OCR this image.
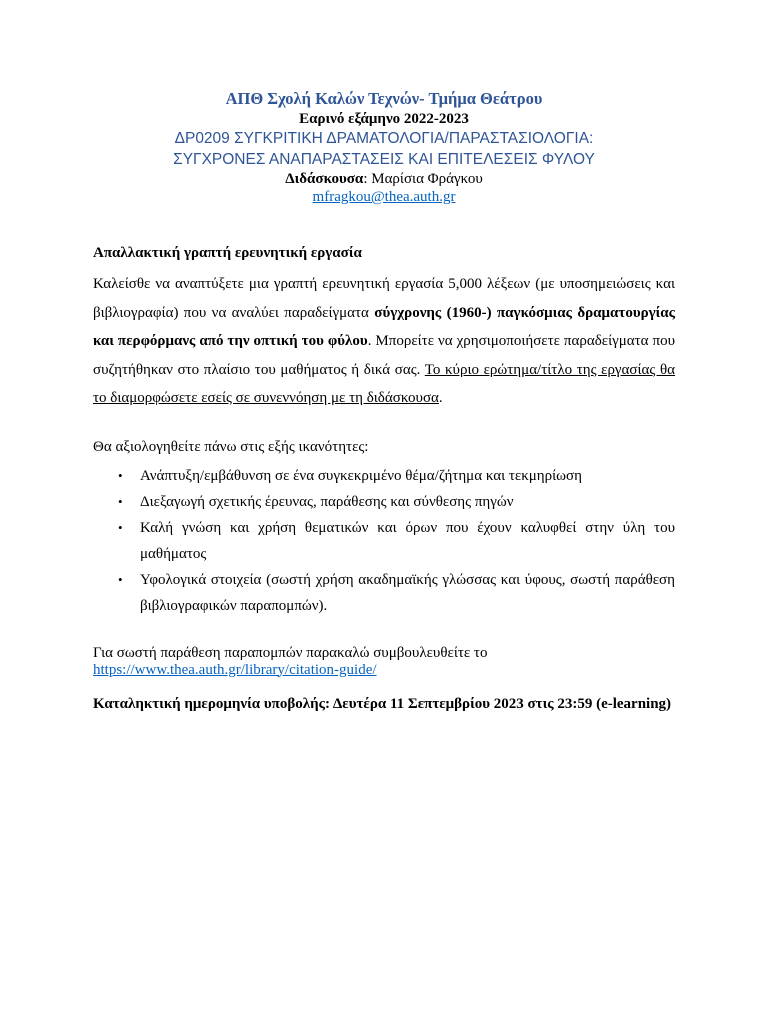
ΑΠΘ Σχολή Καλών Τεχνών- Τμήμα Θεάτρου
Εαρινό εξάμηνο 2022-2023
ΔΡ0209 ΣΥΓΚΡΙΤΙΚΗ ΔΡΑΜΑΤΟΛΟΓΙΑ/ΠΑΡΑΣΤΑΣΙΟΛΟΓΙΑ:
ΣΥΓΧΡΟΝΕΣ ΑΝΑΠΑΡΑΣΤΑΣΕΙΣ ΚΑΙ ΕΠΙΤΕΛΕΣΕΙΣ ΦΥΛΟΥ
Διδάσκουσα: Μαρίσια Φράγκου
mfragkou@thea.auth.gr
Απαλλακτική γραπτή ερευνητική εργασία
Καλείσθε να αναπτύξετε μια γραπτή ερευνητική εργασία 5,000 λέξεων (με υποσημειώσεις και βιβλιογραφία) που να αναλύει παραδείγματα σύγχρονης (1960-) παγκόσμιας δραματουργίας και περφόρμανς από την οπτική του φύλου. Μπορείτε να χρησιμοποιήσετε παραδείγματα που συζητήθηκαν στο πλαίσιο του μαθήματος ή δικά σας. Το κύριο ερώτημα/τίτλο της εργασίας θα το διαμορφώσετε εσείς σε συνεννόηση με τη διδάσκουσα.
Θα αξιολογηθείτε πάνω στις εξής ικανότητες:
• Ανάπτυξη/εμβάθυνση σε ένα συγκεκριμένο θέμα/ζήτημα και τεκμηρίωση
• Διεξαγωγή σχετικής έρευνας, παράθεσης και σύνθεσης πηγών
• Καλή γνώση και χρήση θεματικών και όρων που έχουν καλυφθεί στην ύλη του μαθήματος
• Υφολογικά στοιχεία (σωστή χρήση ακαδημαϊκής γλώσσας και ύφους, σωστή παράθεση βιβλιογραφικών παραπομπών).
Για σωστή παράθεση παραπομπών παρακαλώ συμβουλευθείτε το
https://www.thea.auth.gr/library/citation-guide/
Καταληκτική ημερομηνία υποβολής: Δευτέρα 11 Σεπτεμβρίου 2023 στις 23:59 (e-learning)
